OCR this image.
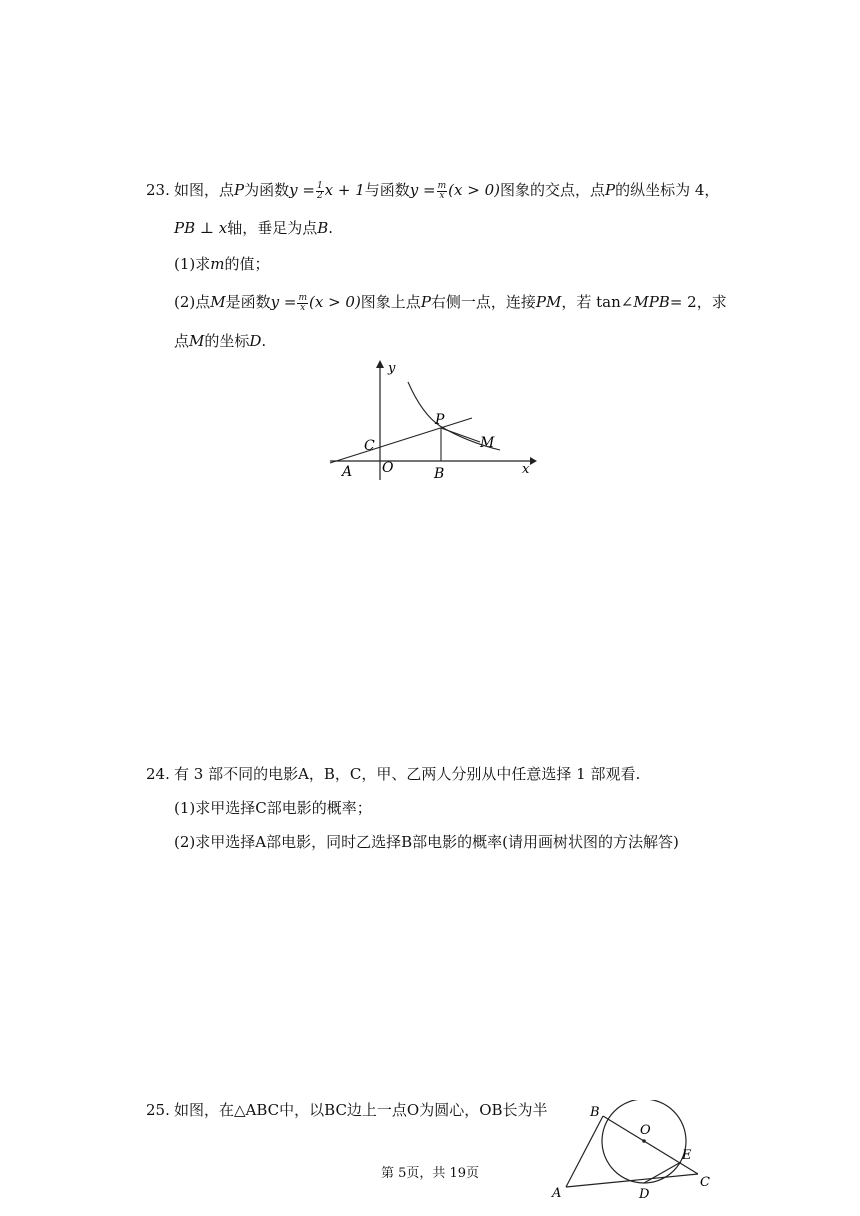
23. 如图，点P为函数$y = \frac{1}{2}$ x + 1与函数$y = \frac{m}{x} (x > 0)$图象的交点，点P的纵坐标为 4，
PB ⊥ x轴，垂足为点B.
(1)求m的值；
(2)点M是函数$y = \frac{m}{x} (x > 0)$图象上点P右侧一点，连接PM，若 tan∠MPB= 2，求
点M的坐标D.
y
P
M
C
A O	B	x
24. 有 3 部不同的电影A，B，C，甲、乙两人分别从中任意选择 1 部观看.
(1)求甲选择C部电影的概率；
(2)求甲选择A部电影，同时乙选择B部电影的概率(请用画树状图的方法解答)
25. 如图，在△ABC中，以BC边上一点O为圆心，OB长为半	B
O
E
C
A	D
第 5页，共 19页
